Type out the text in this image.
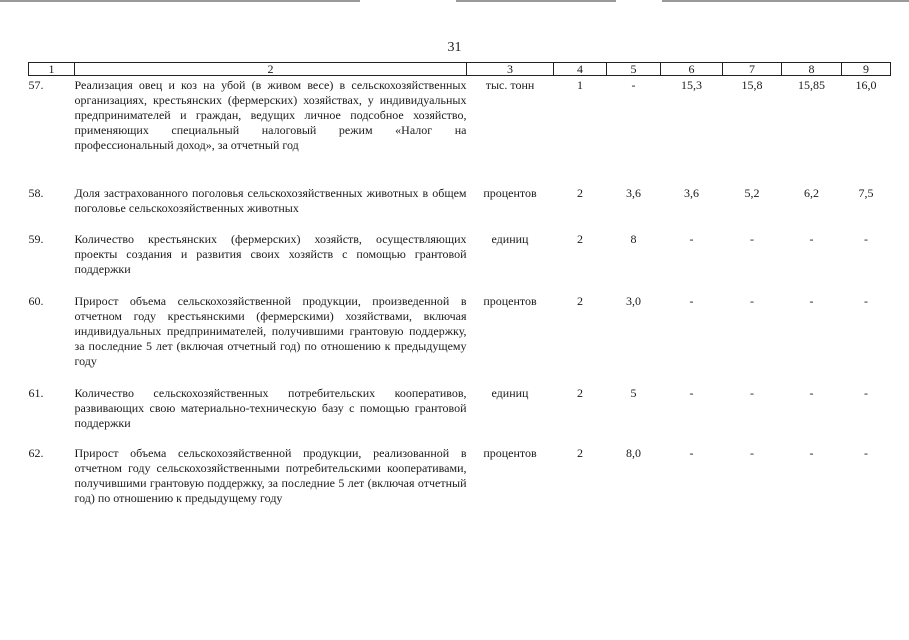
31
1	2	3	4	5	6	7	8	9
57.	Реализация овец и коз на убой (в живом весе) в сельскохозяйственных организациях, крестьянских (фермерских) хозяйствах, у индивидуальных предпринимателей и граждан, ведущих личное подсобное хозяйство, применяющих специальный налоговый режим «Налог на профессиональный доход», за отчетный год	тыс. тонн	1	-	15,3	15,8	15,85	16,0
58.	Доля застрахованного поголовья сельскохозяйственных животных в общем поголовье сельскохозяйственных животных	процентов	2	3,6	3,6	5,2	6,2	7,5
59.	Количество крестьянских (фермерских) хозяйств, осуществляющих проекты создания и развития своих хозяйств с помощью грантовой поддержки	единиц	2	8	-	-	-	-
60.	Прирост объема сельскохозяйственной продукции, произведенной в отчетном году крестьянскими (фермерскими) хозяйствами, включая индивидуальных предпринимателей, получившими грантовую поддержку, за последние 5 лет (включая отчетный год) по отношению к предыдущему году	процентов	2	3,0	-	-	-	-
61.	Количество сельскохозяйственных потребительских кооперативов, развивающих свою материально-техническую базу с помощью грантовой поддержки	единиц	2	5	-	-	-	-
62.	Прирост объема сельскохозяйственной продукции, реализованной в отчетном году сельскохозяйственными потребительскими кооперативами, получившими грантовую поддержку, за последние 5 лет (включая отчетный год) по отношению к предыдущему году	процентов	2	8,0	-	-	-	-
